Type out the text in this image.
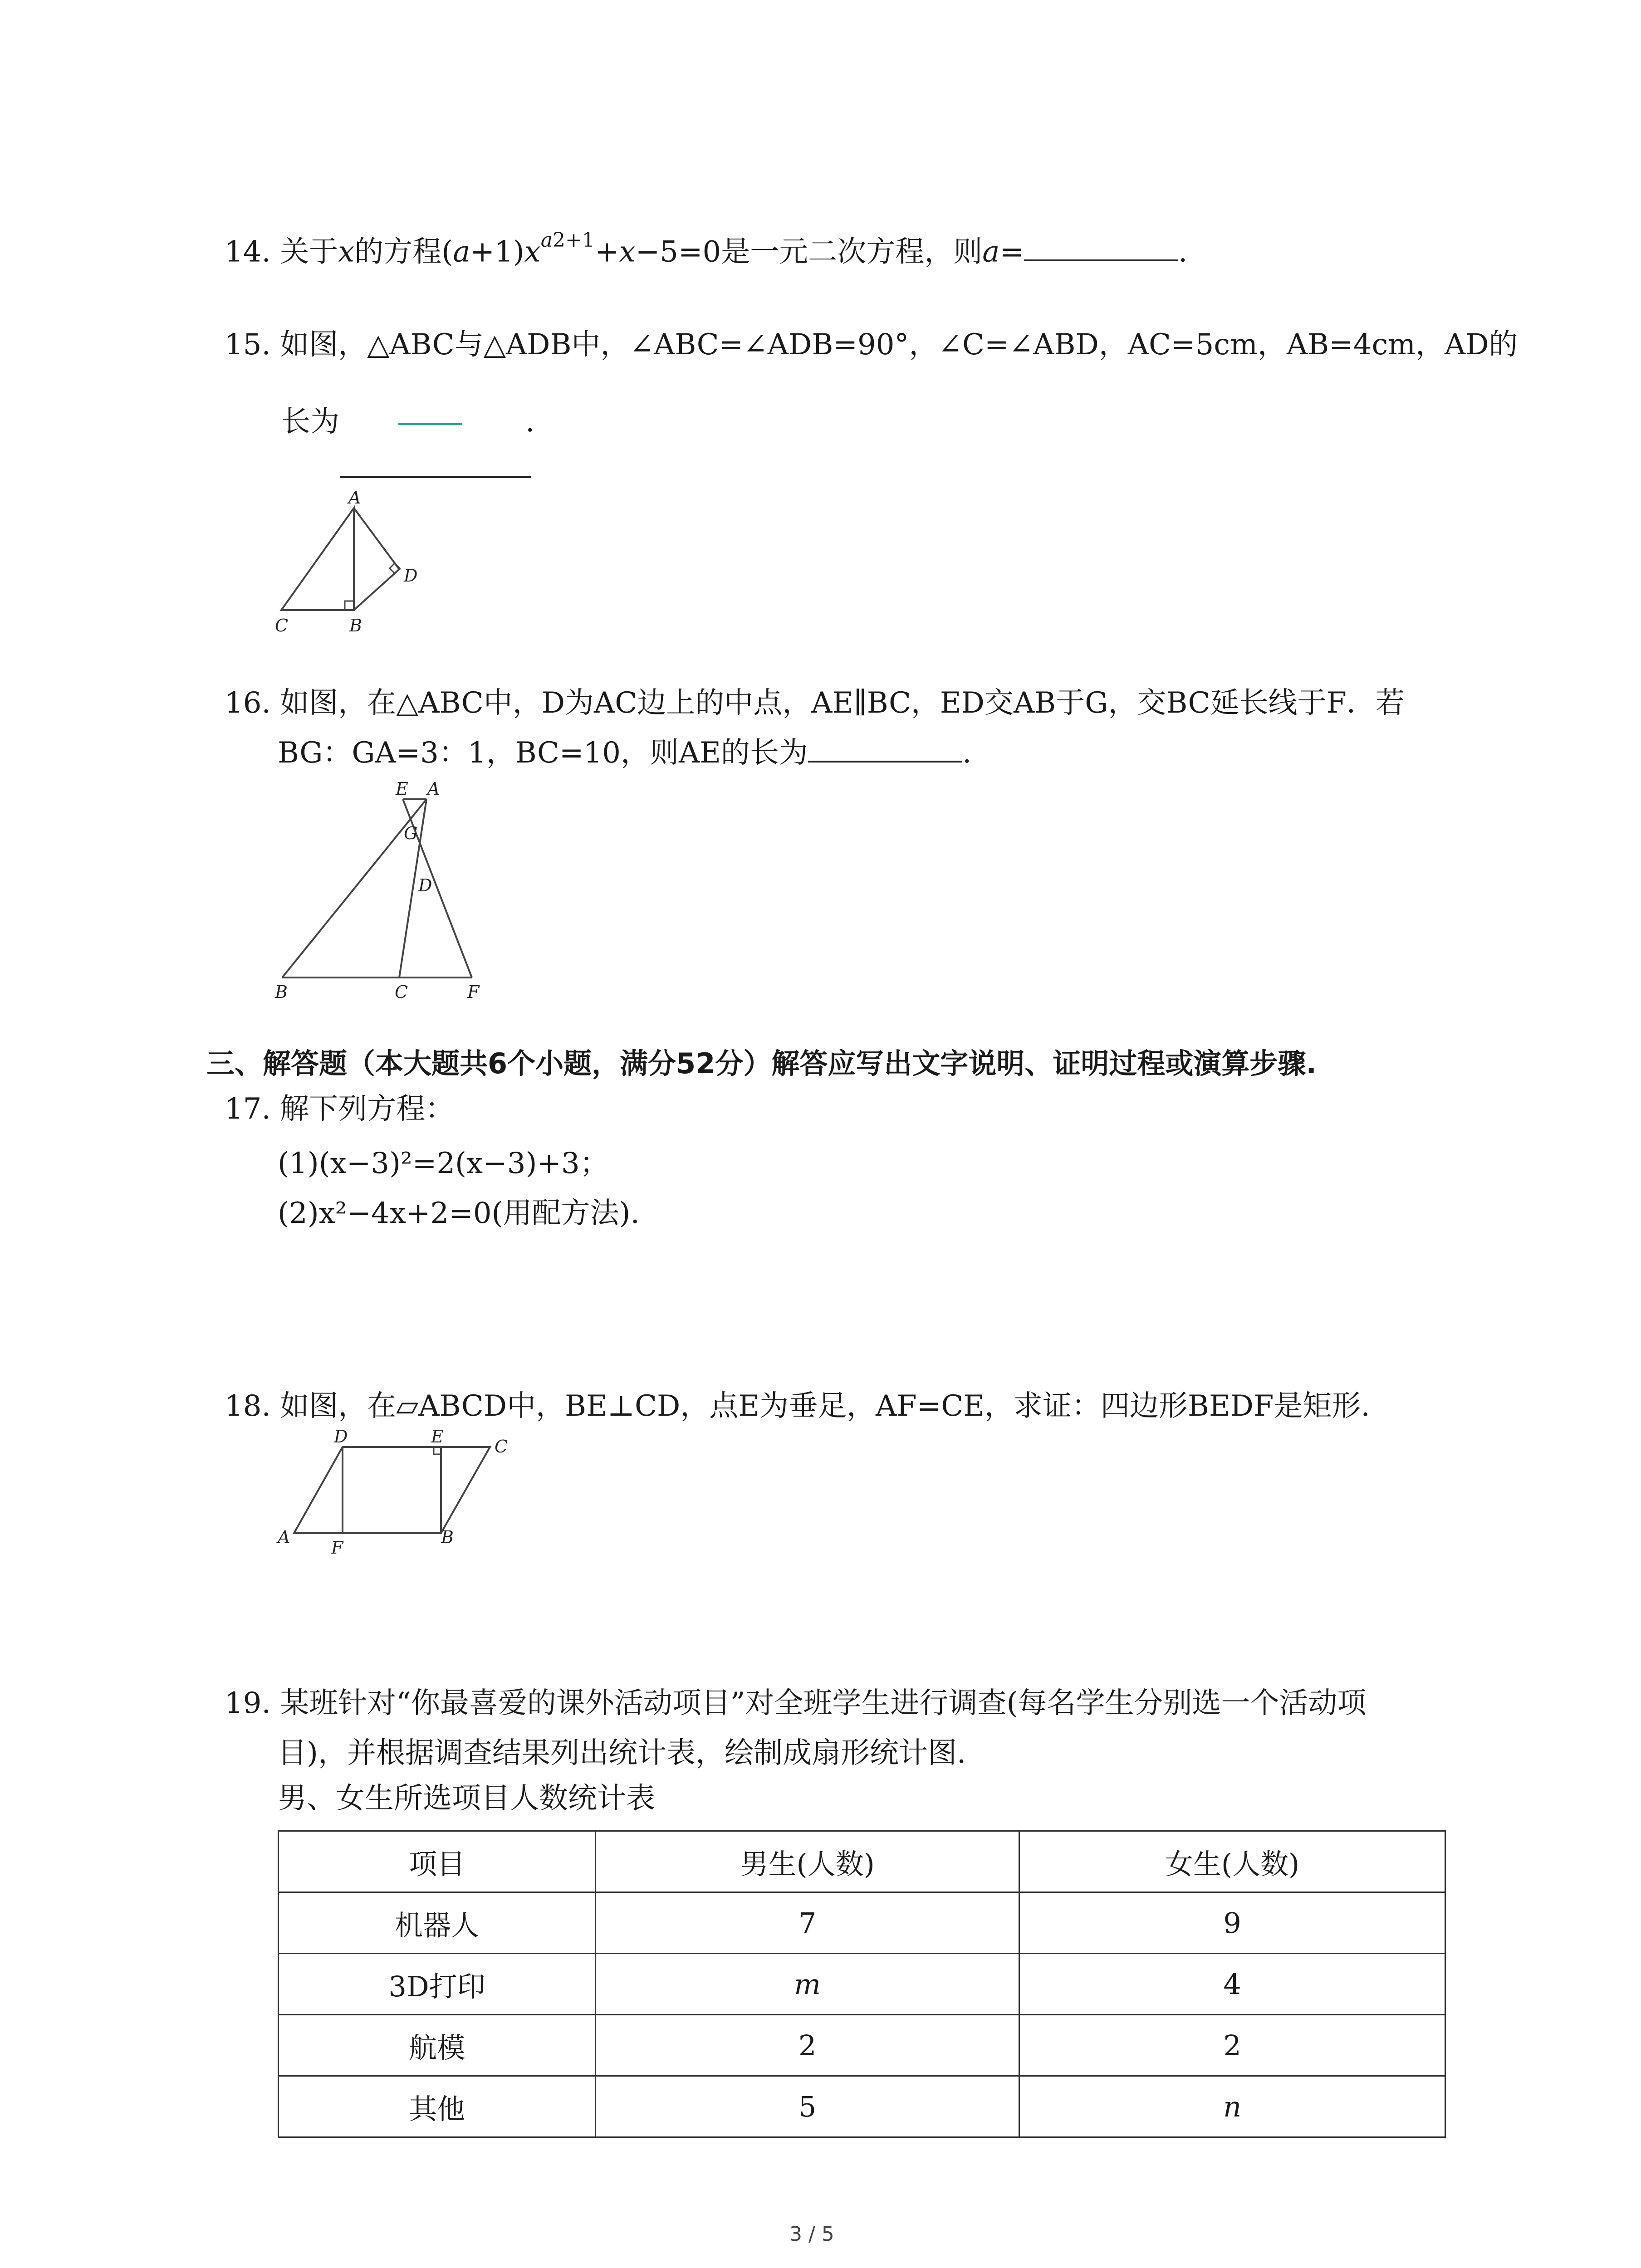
14. 关于x的方程$(a+1)x^{a2+1}+x-5=0$是一元二次方程，则a=	.
15. 如图，△ABC与△ADB中，∠ABC=∠ADB=90°，∠C=∠ABD，AC=5cm，AB=4cm，AD的
长为	.
A
B
C
D
16. 如图，在△ABC中，D为AC边上的中点，AE∥BC，ED交AB于G，交BC延长线于F．若
BG：GA=3：1，BC=10，则AE的长为	.
E A
G
D
B	C	F
三、解答题（本大题共6个小题，满分52分）解答应写出文字说明、证明过程或演算步骤.
17. 解下列方程：
(1)(x−3)²=2(x−3)+3；
(2)x²−4x+2=0(用配方法).
18. 如图，在▱ABCD中，BE⊥CD，点E为垂足，AF=CE，求证：四边形BEDF是矩形.
D	E	C
A
F
B
19. 某班针对“你最喜爱的课外活动项目”对全班学生进行调查(每名学生分别选一个活动项
目)，并根据调查结果列出统计表，绘制成扇形统计图.
男、女生所选项目人数统计表
项目	男生(人数)	女生(人数)
机器人	7	9
3D打印	m	4
航模	2	2
其他	5	n
3 / 5
